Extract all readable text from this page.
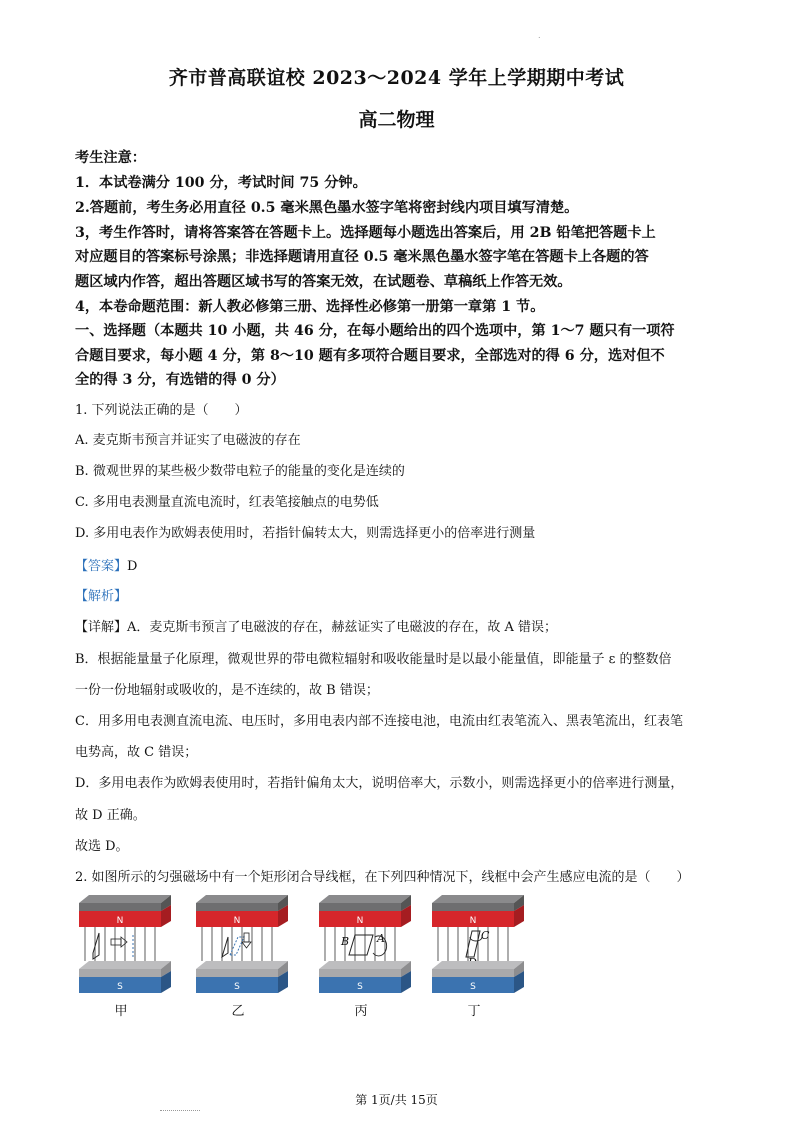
.
齐市普高联谊校 2023～2024 学年上学期期中考试
高二物理
考生注意：
1．本试卷满分 100 分，考试时间 75 分钟。
2.答题前，考生务必用直径 0.5 毫米黑色墨水签字笔将密封线内项目填写清楚。
3，考生作答时，请将答案答在答题卡上。选择题每小题选出答案后，用 2B 铅笔把答题卡上
对应题目的答案标号涂黑；非选择题请用直径 0.5 毫米黑色墨水签字笔在答题卡上各题的答
题区域内作答，超出答题区域书写的答案无效，在试题卷、草稿纸上作答无效。
4，本卷命题范围：新人教必修第三册、选择性必修第一册第一章第 1 节。
一、选择题（本题共 10 小题，共 46 分，在每小题给出的四个选项中，第 1～7 题只有一项符
合题目要求，每小题 4 分，第 8～10 题有多项符合题目要求，全部选对的得 6 分，选对但不
全的得 3 分，有选错的得 0 分）
1. 下列说法正确的是（　　）
A. 麦克斯韦预言并证实了电磁波的存在
B. 微观世界的某些极少数带电粒子的能量的变化是连续的
C. 多用电表测量直流电流时，红表笔接触点的电势低
D. 多用电表作为欧姆表使用时，若指针偏转太大，则需选择更小的倍率进行测量
【答案】D
【解析】
【详解】A．麦克斯韦预言了电磁波的存在，赫兹证实了电磁波的存在，故 A 错误；
B．根据能量量子化原理，微观世界的带电微粒辐射和吸收能量时是以最小能量值，即能量子 ε 的整数倍
一份一份地辐射或吸收的，是不连续的，故 B 错误；
C．用多用电表测直流电流、电压时，多用电表内部不连接电池，电流由红表笔流入、黑表笔流出，红表笔
电势高，故 C 错误；
D．多用电表作为欧姆表使用时，若指针偏角太大，说明倍率大，示数小，则需选择更小的倍率进行测量，
故 D 正确。
故选 D。
2. 如图所示的匀强磁场中有一个矩形闭合导线框，在下列四种情况下，线框中会产生感应电流的是（　　）
N
S
甲
N
S
乙
N
B	A
S
丙
N
C
S
丁
第 1页/共 15页
